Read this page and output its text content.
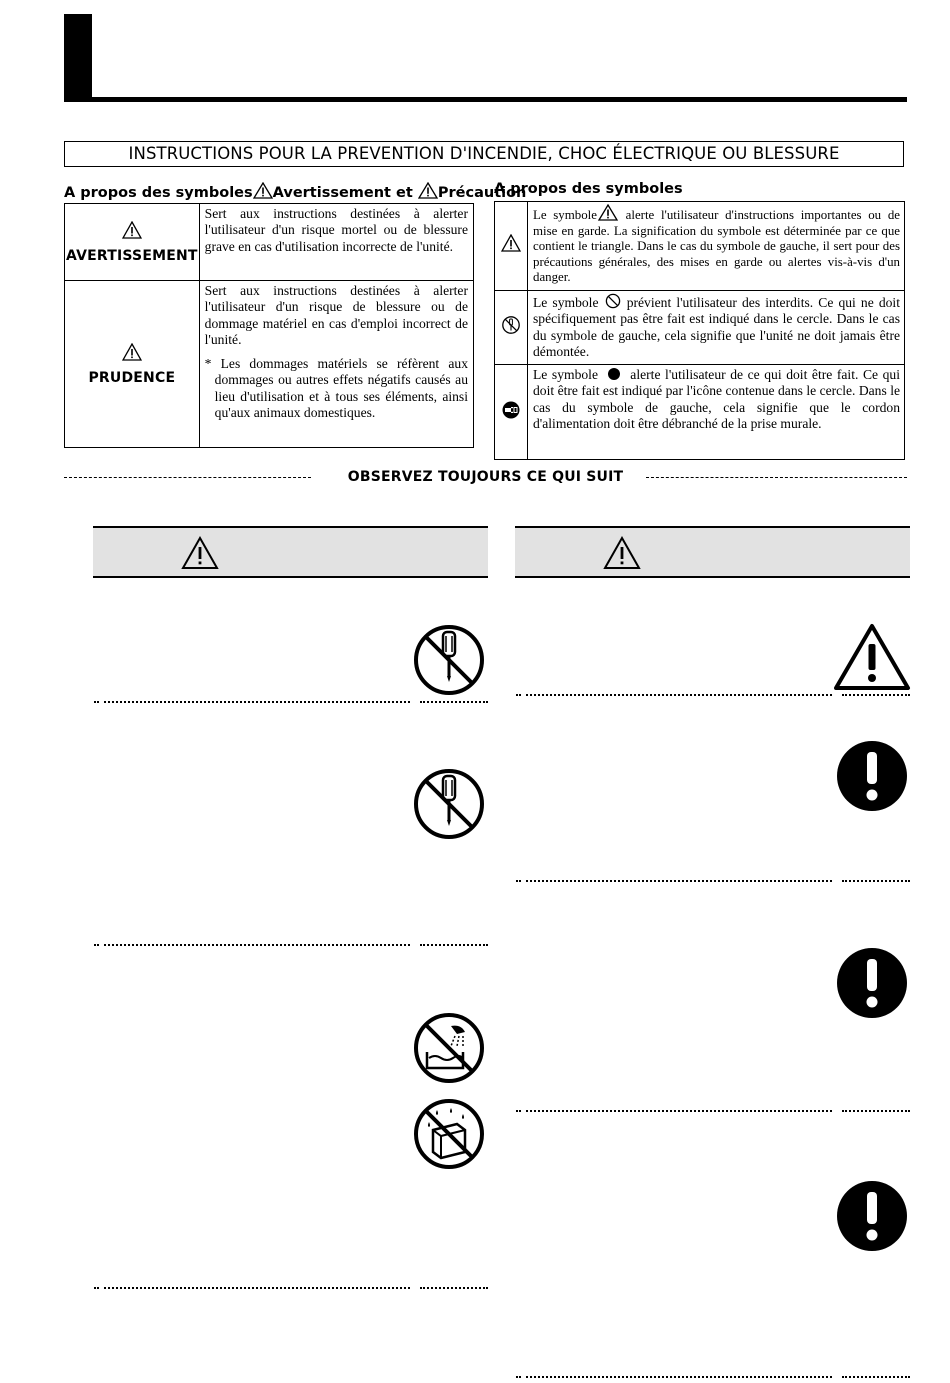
INSTRUCTIONS POUR LA PREVENTION D'INCENDIE, CHOC ÉLECTRIQUE OU BLESSURE
A propos des symboles Avertissement et Précaution
AVERTISSEMENT	Sert aux instructions destinées à alerter l'utilisateur d'un risque mortel ou de blessure grave en cas d'utilisation incorrecte de l'unité.

PRUDENCE	Sert aux instructions destinées à alerter l'utilisateur d'un risque de blessure ou de dommage matériel en cas d'emploi incorrect de l'unité.
* Les dommages matériels se réfèrent aux dommages ou autres effets négatifs causés au lieu d'utilisation et à tous ses éléments, ainsi qu'aux animaux domestiques.
A propos des symboles
	Le symbole alerte l'utilisateur d'instructions importantes ou de mise en garde. La signification du symbole est déterminée par ce que contient le triangle. Dans le cas du symbole de gauche, il sert pour des précautions générales, des mises en garde ou alertes vis-à-vis d'un danger.
	Le symbole prévient l'utilisateur des interdits. Ce qui ne doit spécifiquement pas être fait est indiqué dans le cercle. Dans le cas du symbole de gauche, cela signifie que l'unité ne doit jamais être démontée.
	Le symbole alerte l'utilisateur de ce qui doit être fait. Ce qui doit être fait est indiqué par l'icône contenue dans le cercle. Dans le cas du symbole de gauche, cela signifie que le cordon d'alimentation doit être débranché de la prise murale.
OBSERVEZ TOUJOURS CE QUI SUIT
